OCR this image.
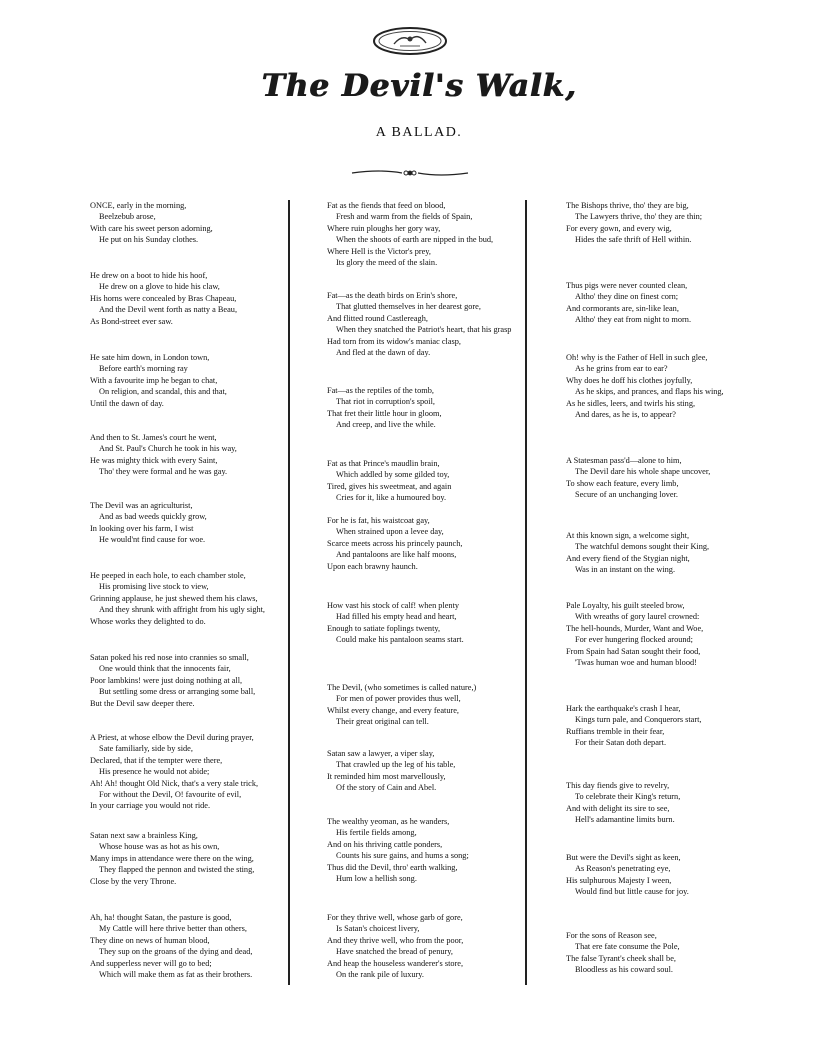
The Devil's Walk,
A BALLAD.
ONCE, early in the morning,
Beelzebub arose,
With care his sweet person adorning,
He put on his Sunday clothes.
He drew on a boot to hide his hoof,
He drew on a glove to hide his claw,
His horns were concealed by Bras Chapeau,
And the Devil went forth as natty a Beau,
As Bond-street ever saw.
He sate him down, in London town,
Before earth's morning ray
With a favourite imp he began to chat,
On religion, and scandal, this and that,
Until the dawn of day.
And then to St. James's court he went,
And St. Paul's Church he took in his way,
He was mighty thick with every Saint,
Tho' they were formal and he was gay.
The Devil was an agriculturist,
And as bad weeds quickly grow,
In looking over his farm, I wist
He would'nt find cause for woe.
He peeped in each hole, to each chamber stole,
His promising live stock to view,
Grinning applause, he just shewed them his claws,
And they shrunk with affright from his ugly sight,
Whose works they delighted to do.
Satan poked his red nose into crannies so small,
One would think that the innocents fair,
Poor lambkins! were just doing nothing at all,
But settling some dress or arranging some ball,
But the Devil saw deeper there.
A Priest, at whose elbow the Devil during prayer,
Sate familiarly, side by side,
Declared, that if the tempter were there,
His presence he would not abide;
Ah! Ah! thought Old Nick, that's a very stale trick,
For without the Devil, O! favourite of evil,
In your carriage you would not ride.
Satan next saw a brainless King,
Whose house was as hot as his own,
Many imps in attendance were there on the wing,
They flapped the pennon and twisted the sting,
Close by the very Throne.
Ah, ha! thought Satan, the pasture is good,
My Cattle will here thrive better than others,
They dine on news of human blood,
They sup on the groans of the dying and dead,
And supperless never will go to bed;
Which will make them as fat as their brothers.
Fat as the fiends that feed on blood,
Fresh and warm from the fields of Spain,
Where ruin ploughs her gory way,
When the shoots of earth are nipped in the bud,
Where Hell is the Victor's prey,
Its glory the meed of the slain.
Fat—as the death birds on Erin's shore,
That glutted themselves in her dearest gore,
And flitted round Castlereagh,
When they snatched the Patriot's heart, that his grasp
Had torn from its widow's maniac clasp,
And fled at the dawn of day.
Fat—as the reptiles of the tomb,
That riot in corruption's spoil,
That fret their little hour in gloom,
And creep, and live the while.
Fat as that Prince's maudlin brain,
Which addled by some gilded toy,
Tired, gives his sweetmeat, and again
Cries for it, like a humoured boy.
For he is fat, his waistcoat gay,
When strained upon a levee day,
Scarce meets across his princely paunch,
And pantaloons are like half moons,
Upon each brawny haunch.
How vast his stock of calf! when plenty
Had filled his empty head and heart,
Enough to satiate foplings twenty,
Could make his pantaloon seams start.
The Devil, (who sometimes is called nature,)
For men of power provides thus well,
Whilst every change, and every feature,
Their great original can tell.
Satan saw a lawyer, a viper slay,
That crawled up the leg of his table,
It reminded him most marvellously,
Of the story of Cain and Abel.
The wealthy yeoman, as he wanders,
His fertile fields among,
And on his thriving cattle ponders,
Counts his sure gains, and hums a song;
Thus did the Devil, thro' earth walking,
Hum low a hellish song.
For they thrive well, whose garb of gore,
Is Satan's choicest livery,
And they thrive well, who from the poor,
Have snatched the bread of penury,
And heap the houseless wanderer's store,
On the rank pile of luxury.
The Bishops thrive, tho' they are big,
The Lawyers thrive, tho' they are thin;
For every gown, and every wig,
Hides the safe thrift of Hell within.
Thus pigs were never counted clean,
Altho' they dine on finest corn;
And cormorants are, sin-like lean,
Altho' they eat from night to morn.
Oh! why is the Father of Hell in such glee,
As he grins from ear to ear?
Why does he doff his clothes joyfully,
As he skips, and prances, and flaps his wing,
As he sidles, leers, and twirls his sting,
And dares, as he is, to appear?
A Statesman pass'd—alone to him,
The Devil dare his whole shape uncover,
To show each feature, every limb,
Secure of an unchanging lover.
At this known sign, a welcome sight,
The watchful demons sought their King,
And every fiend of the Stygian night,
Was in an instant on the wing.
Pale Loyalty, his guilt steeled brow,
With wreaths of gory laurel crowned:
The hell-hounds, Murder, Want and Woe,
For ever hungering flocked around;
From Spain had Satan sought their food,
'Twas human woe and human blood!
Hark the earthquake's crash I hear,
Kings turn pale, and Conquerors start,
Ruffians tremble in their fear,
For their Satan doth depart.
This day fiends give to revelry,
To celebrate their King's return,
And with delight its sire to see,
Hell's adamantine limits burn.
But were the Devil's sight as keen,
As Reason's penetrating eye,
His sulphurous Majesty I ween,
Would find but little cause for joy.
For the sons of Reason see,
That ere fate consume the Pole,
The false Tyrant's cheek shall be,
Bloodless as his coward soul.
